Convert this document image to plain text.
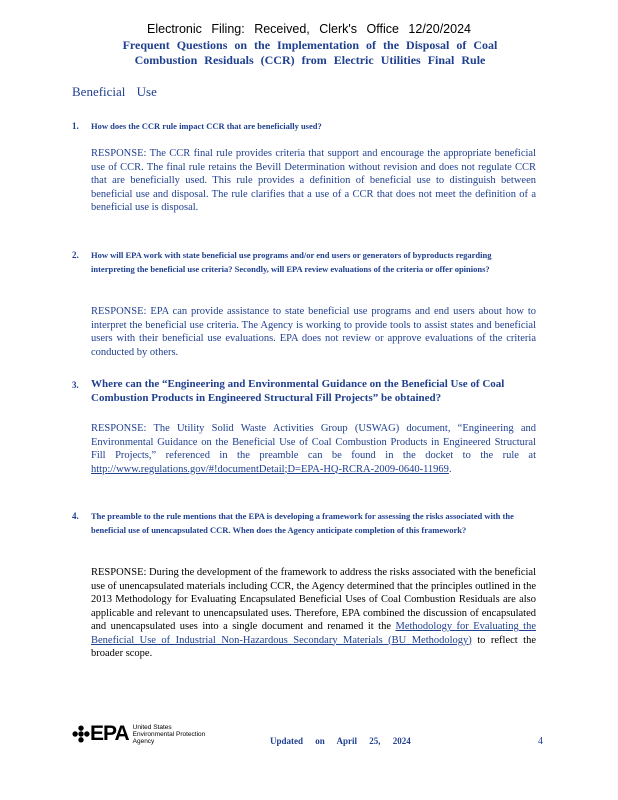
Electronic Filing: Received, Clerk's Office 12/20/2024
Frequent Questions on the Implementation of the Disposal of Coal Combustion Residuals (CCR) from Electric Utilities Final Rule
Beneficial Use
1. How does the CCR rule impact CCR that are beneficially used?
RESPONSE: The CCR final rule provides criteria that support and encourage the appropriate beneficial use of CCR. The final rule retains the Bevill Determination without revision and does not regulate CCR that are beneficially used. This rule provides a definition of beneficial use to distinguish between beneficial use and disposal. The rule clarifies that a use of a CCR that does not meet the definition of a beneficial use is disposal.
2. How will EPA work with state beneficial use programs and/or end users or generators of byproducts regarding interpreting the beneficial use criteria? Secondly, will EPA review evaluations of the criteria or offer opinions?
RESPONSE: EPA can provide assistance to state beneficial use programs and end users about how to interpret the beneficial use criteria. The Agency is working to provide tools to assist states and beneficial users with their beneficial use evaluations. EPA does not review or approve evaluations of the criteria conducted by others.
3. Where can the “Engineering and Environmental Guidance on the Beneficial Use of Coal Combustion Products in Engineered Structural Fill Projects” be obtained?
RESPONSE: The Utility Solid Waste Activities Group (USWAG) document, “Engineering and Environmental Guidance on the Beneficial Use of Coal Combustion Products in Engineered Structural Fill Projects,” referenced in the preamble can be found in the docket to the rule at http://www.regulations.gov/#!documentDetail;D=EPA-HQ-RCRA-2009-0640-11969.
4. The preamble to the rule mentions that the EPA is developing a framework for assessing the risks associated with the beneficial use of unencapsulated CCR. When does the Agency anticipate completion of this framework?
RESPONSE: During the development of the framework to address the risks associated with the beneficial use of unencapsulated materials including CCR, the Agency determined that the principles outlined in the 2013 Methodology for Evaluating Encapsulated Beneficial Uses of Coal Combustion Residuals are also applicable and relevant to unencapsulated uses. Therefore, EPA combined the discussion of encapsulated and unencapsulated uses into a single document and renamed it the Methodology for Evaluating the Beneficial Use of Industrial Non-Hazardous Secondary Materials (BU Methodology) to reflect the broader scope.
EPA United States
Environmental Protection
Agency	Updated on April 25, 2024	4
